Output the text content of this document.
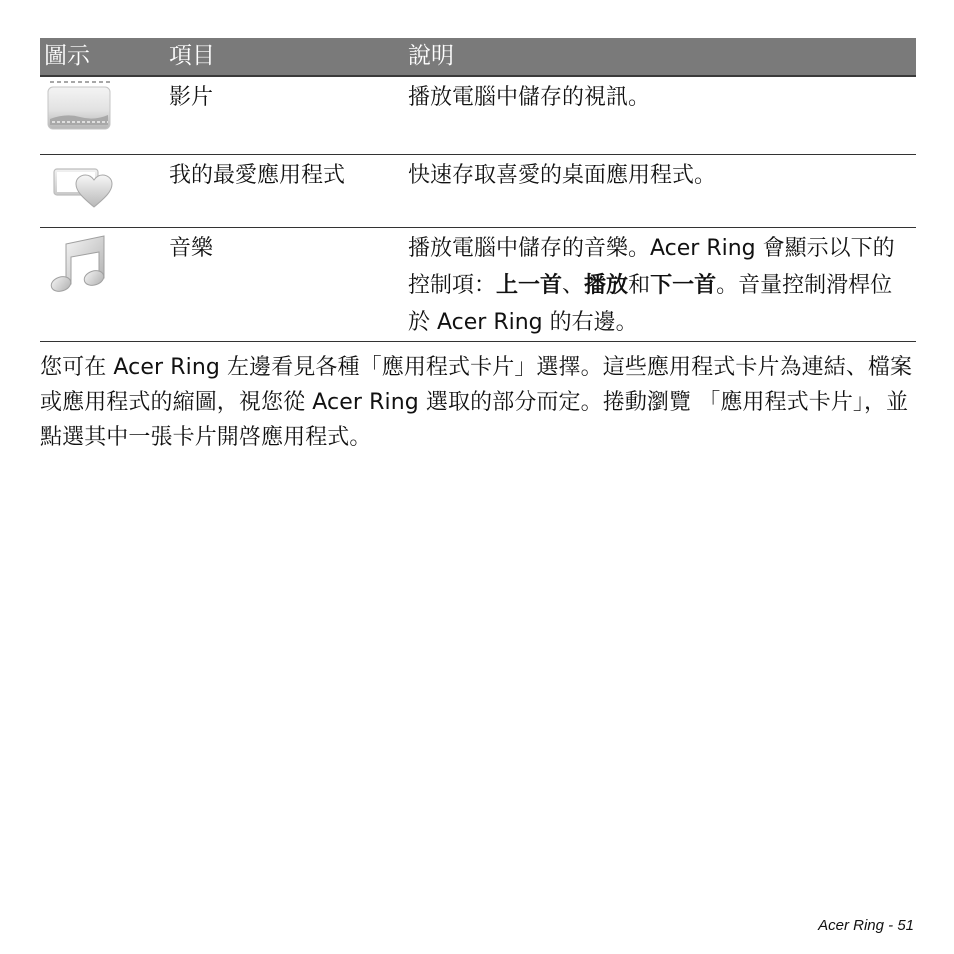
圖示	項目	說明

	影片	播放電腦中儲存的視訊。

	我的最愛應用程式	快速存取喜愛的桌面應用程式。

	音樂	播放電腦中儲存的音樂。Acer Ring 會顯示以下的控制項：上一首、播放和下一首。音量控制滑桿位於 Acer Ring 的右邊。

您可在 Acer Ring 左邊看見各種「應用程式卡片」選擇。這些應用程式卡片為連結、檔案或應用程式的縮圖，視您從 Acer Ring 選取的部分而定。捲動瀏覽 「應用程式卡片」，並點選其中一張卡片開啓應用程式。

Acer Ring - 51
